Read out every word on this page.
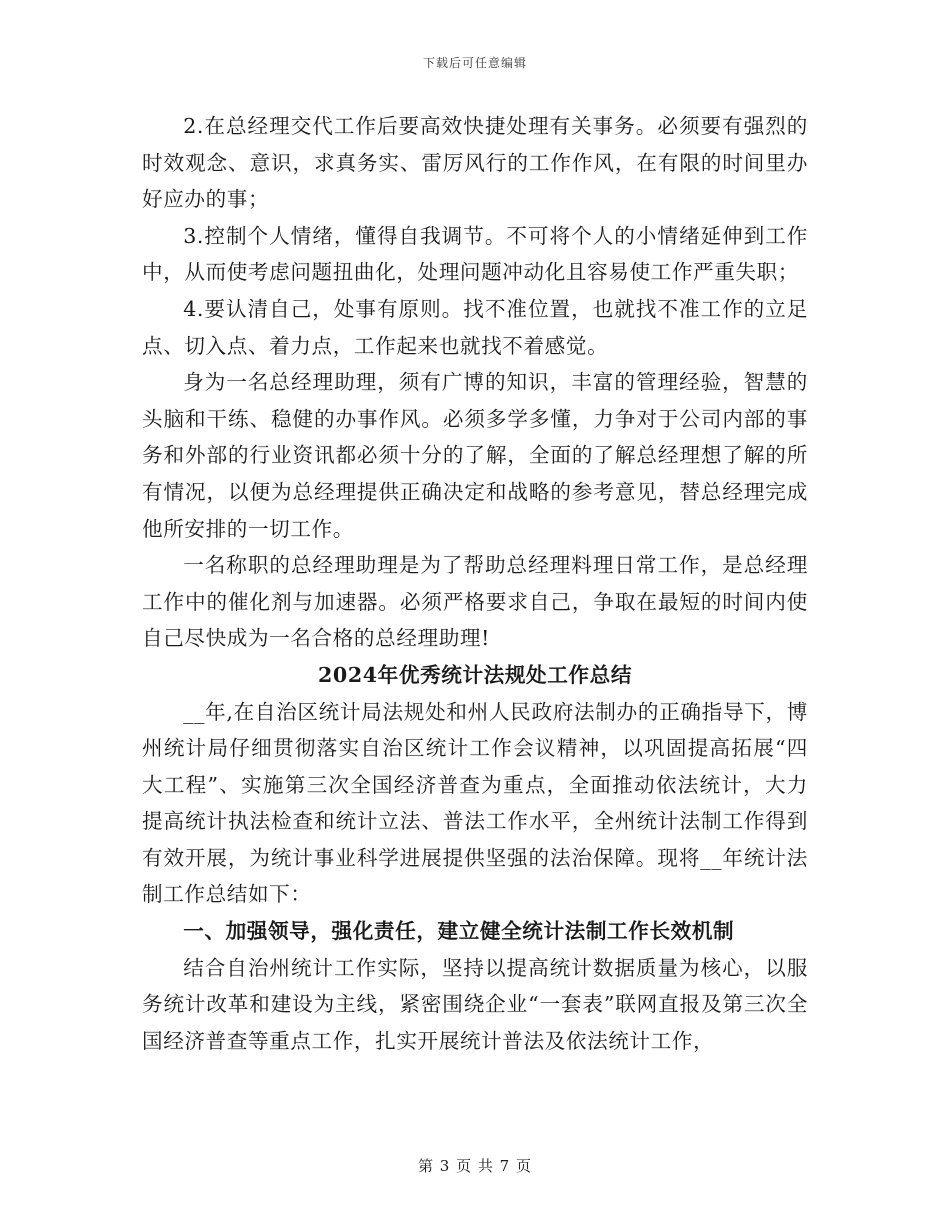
下载后可任意编辑

2.在总经理交代工作后要高效快捷处理有关事务。必须要有强烈的时效观念、意识，求真务实、雷厉风行的工作作风，在有限的时间里办好应办的事；

3.控制个人情绪，懂得自我调节。不可将个人的小情绪延伸到工作中，从而使考虑问题扭曲化，处理问题冲动化且容易使工作严重失职；

4.要认清自己，处事有原则。找不准位置，也就找不准工作的立足点、切入点、着力点，工作起来也就找不着感觉。

身为一名总经理助理，须有广博的知识，丰富的管理经验，智慧的头脑和干练、稳健的办事作风。必须多学多懂，力争对于公司内部的事务和外部的行业资讯都必须十分的了解，全面的了解总经理想了解的所有情况，以便为总经理提供正确决定和战略的参考意见，替总经理完成他所安排的一切工作。

一名称职的总经理助理是为了帮助总经理料理日常工作，是总经理工作中的催化剂与加速器。必须严格要求自己，争取在最短的时间内使自己尽快成为一名合格的总经理助理!

2024年优秀统计法规处工作总结

__年,在自治区统计局法规处和州人民政府法制办的正确指导下，博州统计局仔细贯彻落实自治区统计工作会议精神，以巩固提高拓展“四大工程”、实施第三次全国经济普查为重点，全面推动依法统计，大力提高统计执法检查和统计立法、普法工作水平，全州统计法制工作得到有效开展，为统计事业科学进展提供坚强的法治保障。现将__年统计法制工作总结如下：

一、加强领导，强化责任，建立健全统计法制工作长效机制

结合自治州统计工作实际，坚持以提高统计数据质量为核心，以服务统计改革和建设为主线，紧密围绕企业“一套表”联网直报及第三次全国经济普查等重点工作，扎实开展统计普法及依法统计工作，

第 3 页 共 7 页
